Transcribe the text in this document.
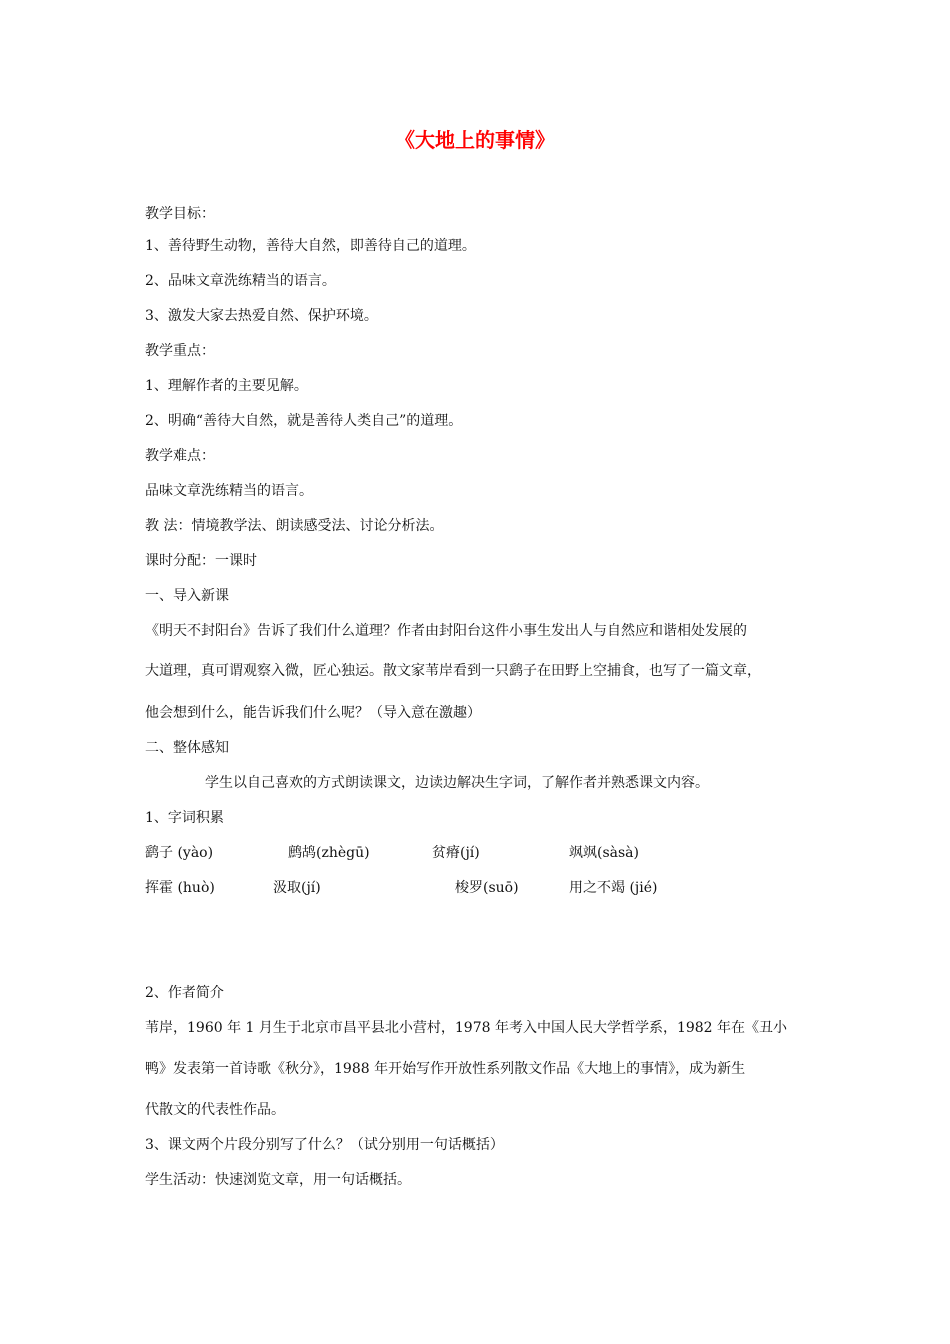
《大地上的事情》

教学目标：

1、善待野生动物，善待大自然，即善待自己的道理。

2、品味文章洗练精当的语言。

3、激发大家去热爱自然、保护环境。

教学重点：

1、理解作者的主要见解。

2、明确“善待大自然，就是善待人类自己”的道理。

教学难点：

品味文章洗练精当的语言。

教 法：情境教学法、朗读感受法、讨论分析法。

课时分配：一课时

一、导入新课

《明天不封阳台》告诉了我们什么道理？作者由封阳台这件小事生发出人与自然应和谐相处发展的

大道理，真可谓观察入微，匠心独运。散文家苇岸看到一只鹞子在田野上空捕食，也写了一篇文章，

他会想到什么，能告诉我们什么呢？（导入意在激趣）

二、整体感知

学生以自己喜欢的方式朗读课文，边读边解决生字词，了解作者并熟悉课文内容。

1、字词积累

鹞子 (yào)	鹧鸪(zhègū)	贫瘠(jí)	飒飒(sàsà)
挥霍 (huò)	汲取(jí)	梭罗(suō)	用之不竭 (jié)

2、作者简介

苇岸，1960 年 1 月生于北京市昌平县北小营村，1978 年考入中国人民大学哲学系，1982 年在《丑小

鸭》发表第一首诗歌《秋分》，1988 年开始写作开放性系列散文作品《大地上的事情》，成为新生

代散文的代表性作品。

3、课文两个片段分别写了什么？（试分别用一句话概括）

学生活动：快速浏览文章，用一句话概括。
